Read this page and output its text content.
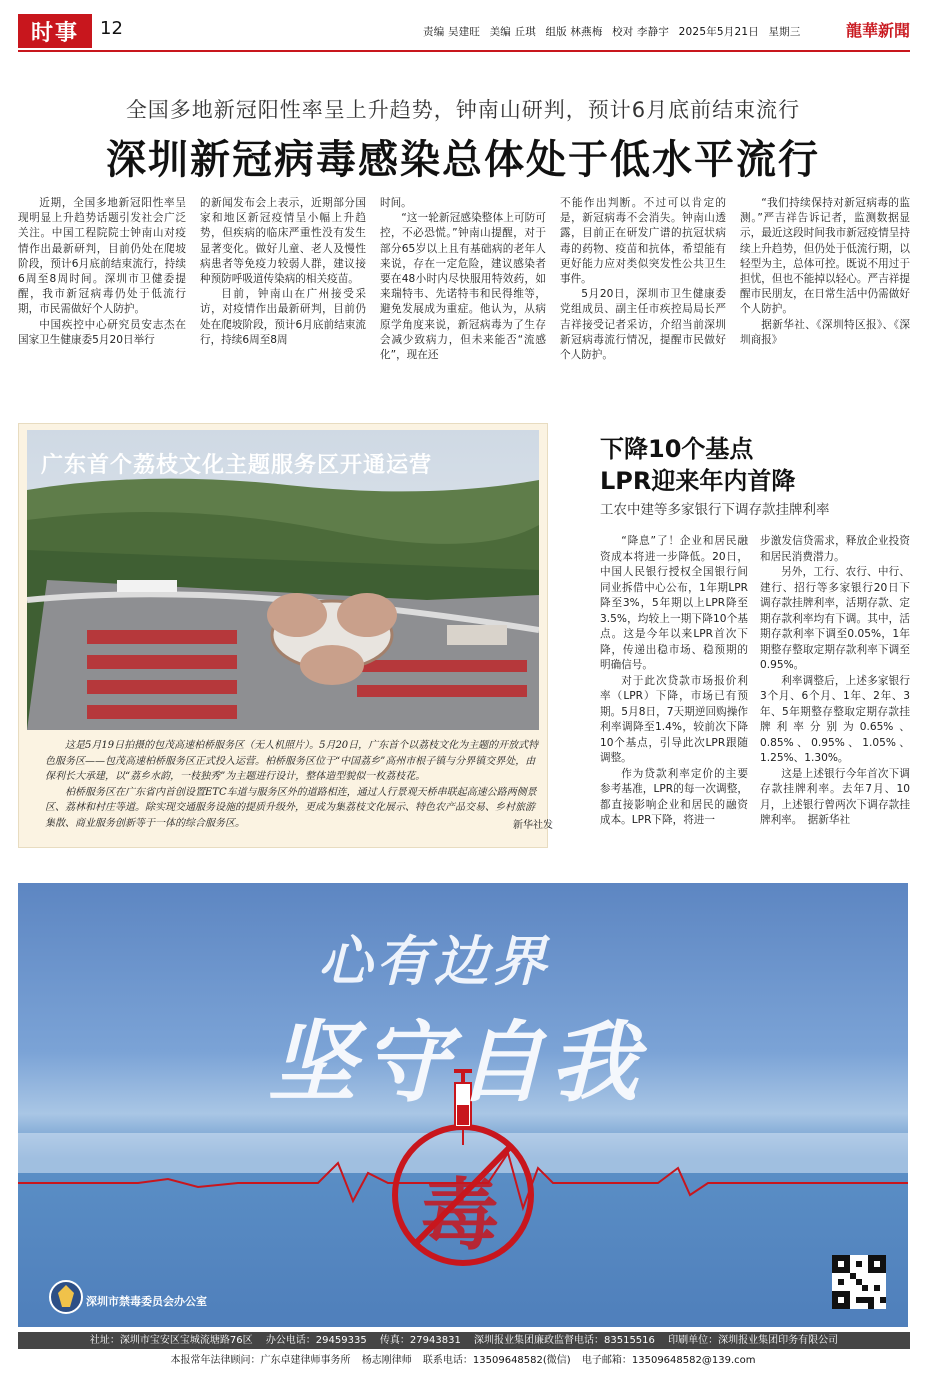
时事	12	责编 吴建旺 美编 丘琪 组版 林燕梅 校对 李静宇 2025年5月21日 星期三	龍華新聞
全国多地新冠阳性率呈上升趋势，钟南山研判，预计6月底前结束流行
深圳新冠病毒感染总体处于低水平流行

近期，全国多地新冠阳性率呈现明显上升趋势话题引发社会广泛关注。中国工程院院士钟南山对疫情作出最新研判，目前仍处在爬坡阶段，预计6月底前结束流行，持续6周至8周时间。深圳市卫健委提醒，我市新冠病毒仍处于低流行期，市民需做好个人防护。

中国疾控中心研究员安志杰在国家卫生健康委5月20日举行

的新闻发布会上表示，近期部分国家和地区新冠疫情呈小幅上升趋势，但疾病的临床严重性没有发生显著变化。做好儿童、老人及慢性病患者等免疫力较弱人群，建议接种预防呼吸道传染病的相关疫苗。

目前，钟南山在广州接受采访，对疫情作出最新研判，目前仍处在爬坡阶段，预计6月底前结束流行，持续6周至8周

时间。

“这一轮新冠感染整体上可防可控，不必恐慌。”钟南山提醒，对于部分65岁以上且有基础病的老年人来说，存在一定危险，建议感染者要在48小时内尽快服用特效药，如来瑞特韦、先诺特韦和民得维等，避免发展成为重症。他认为，从病原学角度来说，新冠病毒为了生存会减少致病力，但未来能否“流感化”，现在还

不能作出判断。不过可以肯定的是，新冠病毒不会消失。钟南山透露，目前正在研发广谱的抗冠状病毒的药物、疫苗和抗体，希望能有更好能力应对类似突发性公共卫生事件。

5月20日，深圳市卫生健康委党组成员、副主任市疾控局局长严吉祥接受记者采访，介绍当前深圳新冠病毒流行情况，提醒市民做好个人防护。

“我们持续保持对新冠病毒的监测。”严吉祥告诉记者，监测数据显示，最近这段时间我市新冠疫情呈持续上升趋势，但仍处于低流行期，以轻型为主，总体可控。既说不用过于担忧，但也不能掉以轻心。严吉祥提醒市民朋友，在日常生活中仍需做好个人防护。

据新华社、《深圳特区报》、《深圳商报》

广东首个荔枝文化主题服务区开通运营

这是5月19日拍摄的包茂高速柏桥服务区（无人机照片）。5月20日，广东首个以荔枝文化为主题的开放式特色服务区——包茂高速柏桥服务区正式投入运营。柏桥服务区位于“中国荔乡”高州市根子镇与分界镇交界处，由保利长大承建，以“荔乡水韵，一枝独秀”为主题进行设计，整体造型貌似一枚荔枝花。

柏桥服务区在广东省内首创设置ETC车道与服务区外的道路相连，通过人行景观天桥串联起高速公路两侧景区、荔林和村庄等道。除实现交通服务设施的提质升级外，更成为集荔枝文化展示、特色农产品交易、乡村旅游集散、商业服务创新等于一体的综合服务区。	新华社发
下降10个基点
LPR迎来年内首降
工农中建等多家银行下调存款挂牌利率

“降息”了！企业和居民融资成本将进一步降低。20日，中国人民银行授权全国银行间同业拆借中心公布，1年期LPR降至3%，5年期以上LPR降至3.5%，均较上一期下降10个基点。这是今年以来LPR首次下降，传递出稳市场、稳预期的明确信号。

对于此次贷款市场报价利率（LPR）下降，市场已有预期。5月8日，7天期逆回购操作利率调降至1.4%，较前次下降10个基点，引导此次LPR跟随调整。

作为贷款利率定价的主要参考基准，LPR的每一次调整，都直接影响企业和居民的融资成本。LPR下降，将进一

步激发信贷需求，释放企业投资和居民消费潜力。

另外，工行、农行、中行、建行、招行等多家银行20日下调存款挂牌利率，活期存款、定期存款利率均有下调。其中，活期存款利率下调至0.05%，1年期整存整取定期存款利率下调至0.95%。

利率调整后，上述多家银行3个月、6个月、1年、2年、3年、5年期整存整取定期存款挂牌利率分别为0.65%、0.85%、0.95%、1.05%、1.25%、1.30%。

这是上述银行今年首次下调存款挂牌利率。去年7月、10月，上述银行曾两次下调存款挂牌利率。　据新华社

心有边界
坚守自我
毒
深圳市禁毒委员会办公室
社址：深圳市宝安区宝城流塘路76区 办公电话：29459335 传真：27943831 深圳报业集团廉政监督电话：83515516 印刷单位：深圳报业集团印务有限公司
本报常年法律顾问：广东卓建律师事务所 杨志刚律师 联系电话：13509648582(微信) 电子邮箱：13509648582@139.com
